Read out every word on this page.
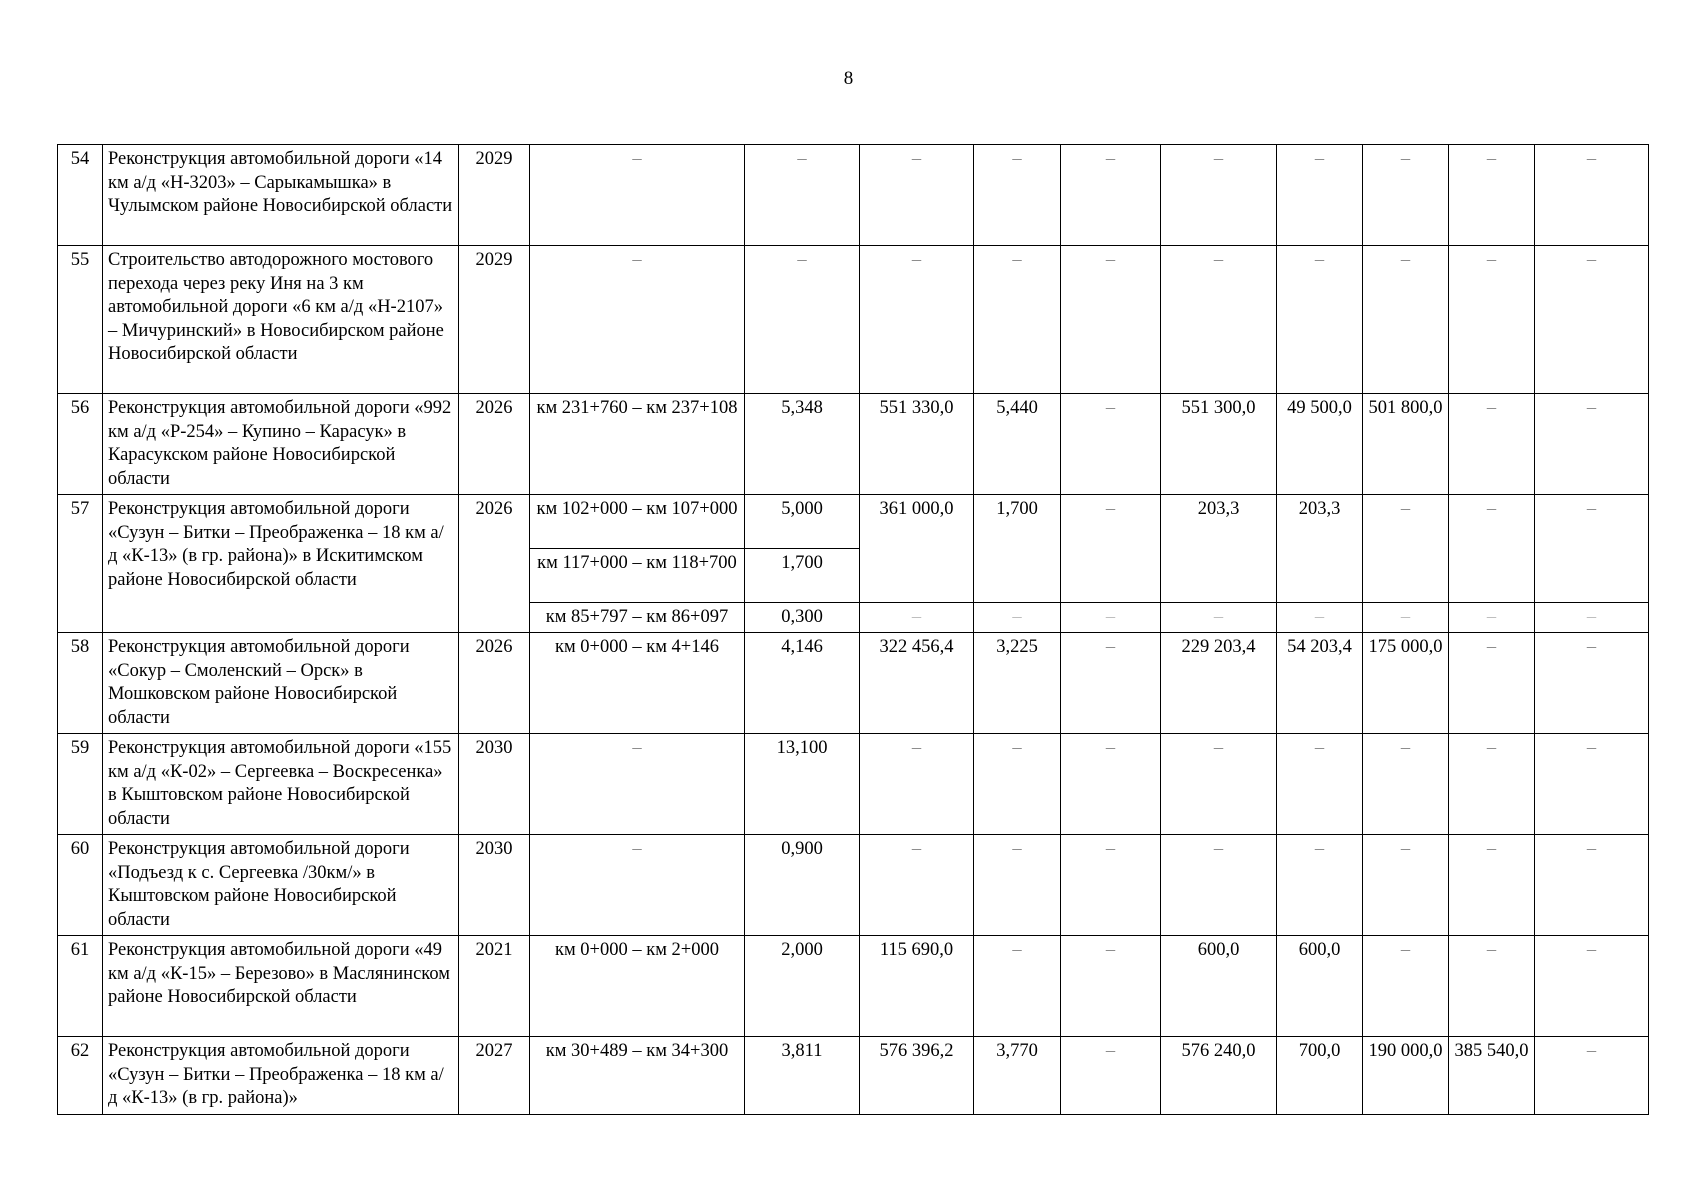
8
54	Реконструкция автомобильной дороги «14 км а/д «Н-3203» – Сарыкамышка» в Чулымском районе Новосибирской области	2029	–	–	–	–	–	–	–	–	–	–
55	Строительство автодорожного мостового перехода через реку Иня на 3 км автомобильной дороги «6 км а/д «Н-2107» – Мичуринский» в Новосибирском районе Новосибирской области	2029	–	–	–	–	–	–	–	–	–	–
56	Реконструкция автомобильной дороги «992 км а/д «Р-254» – Купино – Карасук» в Карасукском районе Новосибирской области	2026	км 231+760 – км 237+108	5,348	551 330,0	5,440	–	551 300,0	49 500,0	501 800,0	–	–
57	Реконструкция автомобильной дороги «Сузун – Битки – Преображенка – 18 км а/д «К-13» (в гр. района)» в Искитимском районе Новосибирской области	2026	км 102+000 – км 107+000	5,000	361 000,0	1,700	–	203,3	203,3	–	–	–
			км 117+000 – км 118+700	1,700								
			км 85+797 – км 86+097	0,300	–	–	–	–	–	–	–	–
58	Реконструкция автомобильной дороги «Сокур – Смоленский – Орск» в Мошковском районе Новосибирской области	2026	км 0+000 – км 4+146	4,146	322 456,4	3,225	–	229 203,4	54 203,4	175 000,0	–	–
59	Реконструкция автомобильной дороги «155 км а/д «К-02» – Сергеевка – Воскресенка» в Кыштовском районе Новосибирской области	2030	–	13,100	–	–	–	–	–	–	–	–
60	Реконструкция автомобильной дороги «Подъезд к с. Сергеевка /30км/» в Кыштовском районе Новосибирской области	2030	–	0,900	–	–	–	–	–	–	–	–
61	Реконструкция автомобильной дороги «49 км а/д «К-15» – Березово» в Маслянинском районе Новосибирской области	2021	км 0+000 – км 2+000	2,000	115 690,0	–	–	600,0	600,0	–	–	–
62	Реконструкция автомобильной дороги «Сузун – Битки – Преображенка – 18 км а/д «К-13» (в гр. района)»	2027	км 30+489 – км 34+300	3,811	576 396,2	3,770	–	576 240,0	700,0	190 000,0	385 540,0	–
